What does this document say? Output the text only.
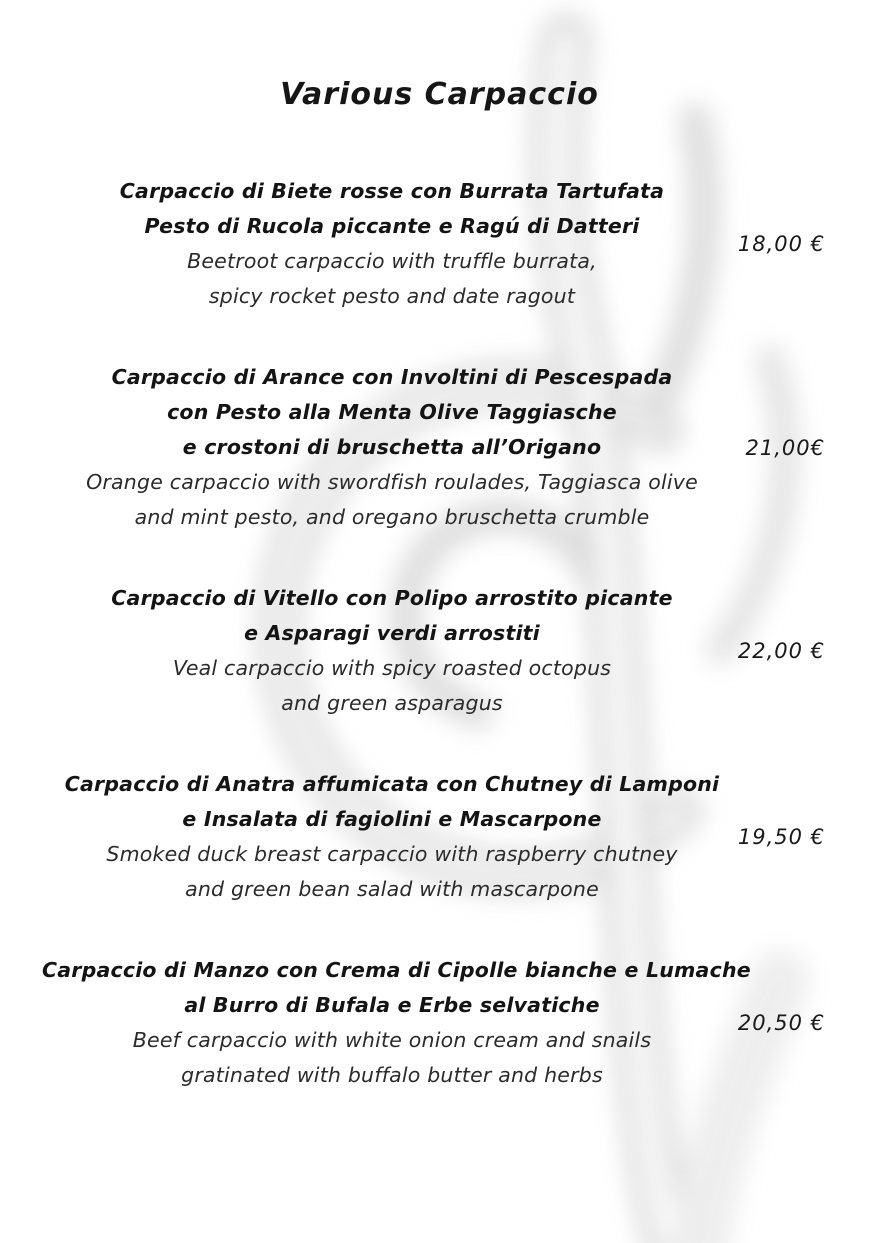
Various Carpaccio
Carpaccio di Biete rosse con Burrata Tartufata
Pesto di Rucola piccante e Ragú di Datteri
Beetroot carpaccio with truffle burrata,
spicy rocket pesto and date ragout
18,00 €
Carpaccio di Arance con Involtini di Pescespada
con Pesto alla Menta Olive Taggiasche
e crostoni di bruschetta all’Origano
Orange carpaccio with swordfish roulades, Taggiasca olive
and mint pesto, and oregano bruschetta crumble
21,00€
Carpaccio di Vitello con Polipo arrostito picante
e Asparagi verdi arrostiti
Veal carpaccio with spicy roasted octopus
and green asparagus
22,00 €
Carpaccio di Anatra affumicata con Chutney di Lamponi
e Insalata di fagiolini e Mascarpone
Smoked duck breast carpaccio with raspberry chutney
and green bean salad with mascarpone
19,50 €
Carpaccio di Manzo con Crema di Cipolle bianche e Lumache
al Burro di Bufala e Erbe selvatiche
Beef carpaccio with white onion cream and snails
gratinated with buffalo butter and herbs
20,50 €
